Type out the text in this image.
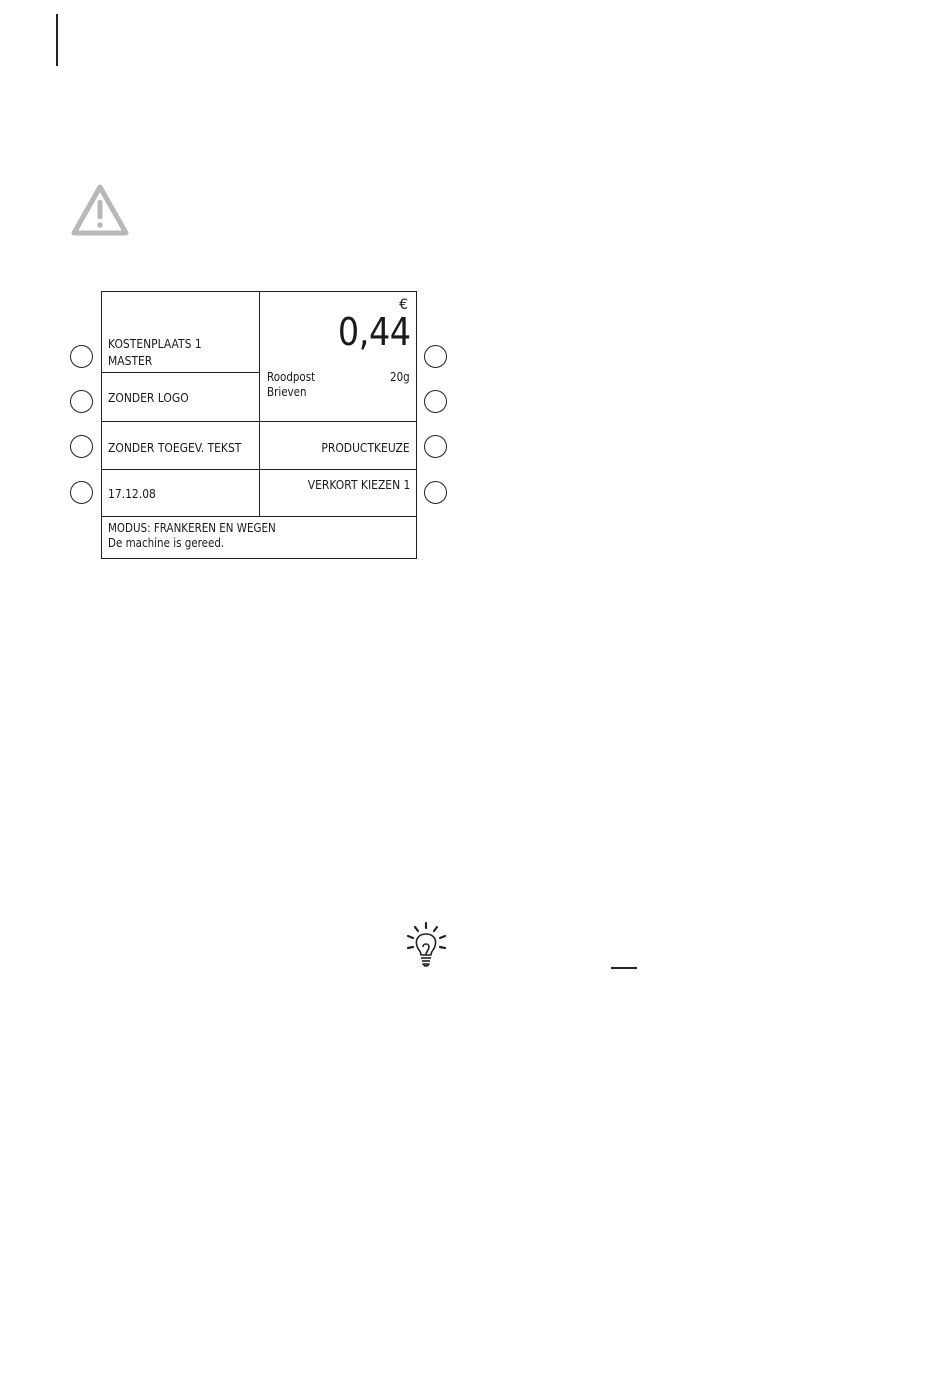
KOSTENPLAATS 1
MASTER
ZONDER LOGO
ZONDER TOEGEV. TEKST
17.12.08
€
0,44
Roodpost
Brieven
20g
PRODUCTKEUZE
VERKORT KIEZEN 1
MODUS: FRANKEREN EN WEGEN
De machine is gereed.
